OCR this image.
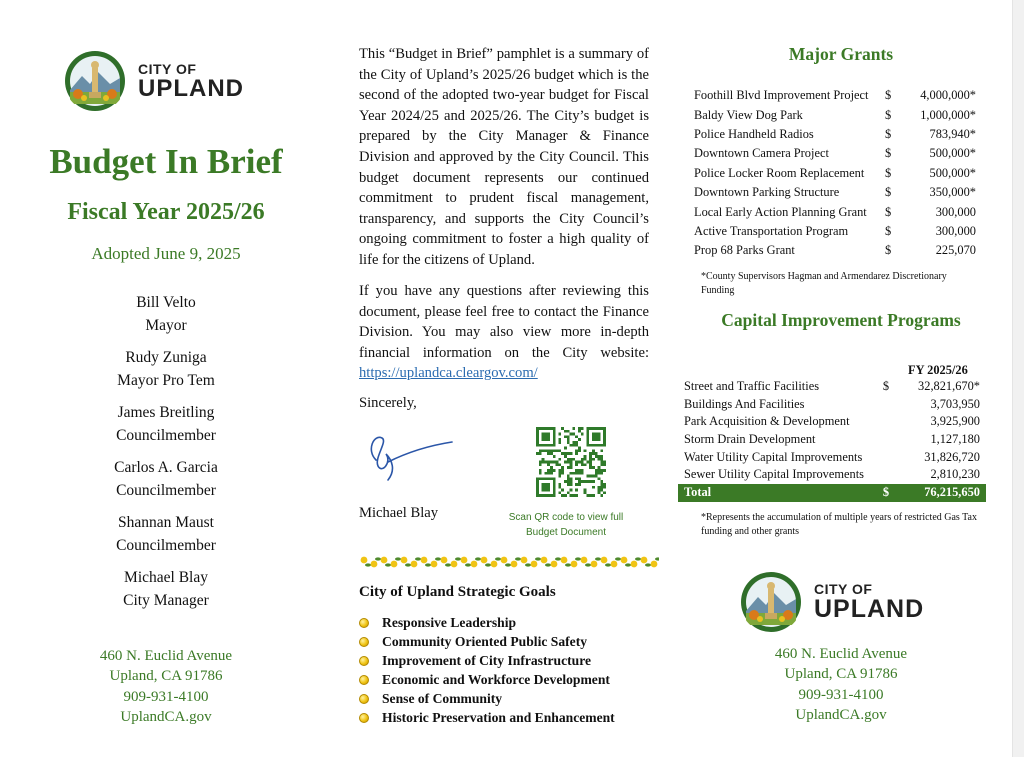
CITY OF
UPLAND
Budget In Brief
Fiscal Year 2025/26
Adopted June 9, 2025
Bill Velto
Mayor
Rudy Zuniga
Mayor Pro Tem
James Breitling
Councilmember
Carlos A. Garcia
Councilmember
Shannan Maust
Councilmember
Michael Blay
City Manager
460 N. Euclid Avenue
Upland, CA 91786
909-931-4100
UplandCA.gov

This “Budget in Brief” pamphlet is a summary of the City of Upland’s 2025/26 budget which is the second of the adopted two-year budget for Fiscal Year 2024/25 and 2025/26. The City’s budget is prepared by the City Manager & Finance Division and approved by the City Council. This budget document represents our continued commitment to prudent fiscal management, transparency, and supports the City Council’s ongoing commitment to foster a high quality of life for the citizens of Upland.

If you have any questions after reviewing this document, please feel free to contact the Finance Division. You may also view more in-depth financial information on the City website: https://uplandca.cleargov.com/

Sincerely,
Michael Blay	Scan QR code to view full
Budget Document
City of Upland Strategic Goals
Responsive Leadership
Community Oriented Public Safety
Improvement of City Infrastructure
Economic and Workforce Development
Sense of Community
Historic Preservation and Enhancement
Major Grants
Foothill Blvd Improvement Project	$	4,000,000*
Baldy View Dog Park	$	1,000,000*
Police Handheld Radios	$	783,940*
Downtown Camera Project	$	500,000*
Police Locker Room Replacement	$	500,000*
Downtown Parking Structure	$	350,000*
Local Early Action Planning Grant	$	300,000
Active Transportation Program	$	300,000
Prop 68 Parks Grant	$	225,070
*County Supervisors Hagman and Armendarez Discretionary Funding
Capital Improvement Programs
FY 2025/26
Street and Traffic Facilities	$	32,821,670*
Buildings And Facilities		3,703,950
Park Acquisition & Development		3,925,900
Storm Drain Development		1,127,180
Water Utility Capital Improvements		31,826,720
Sewer Utility Capital Improvements		2,810,230
Total	$	76,215,650
*Represents the accumulation of multiple years of restricted Gas Tax funding and other grants
CITY OF
UPLAND
460 N. Euclid Avenue
Upland, CA 91786
909-931-4100
UplandCA.gov
